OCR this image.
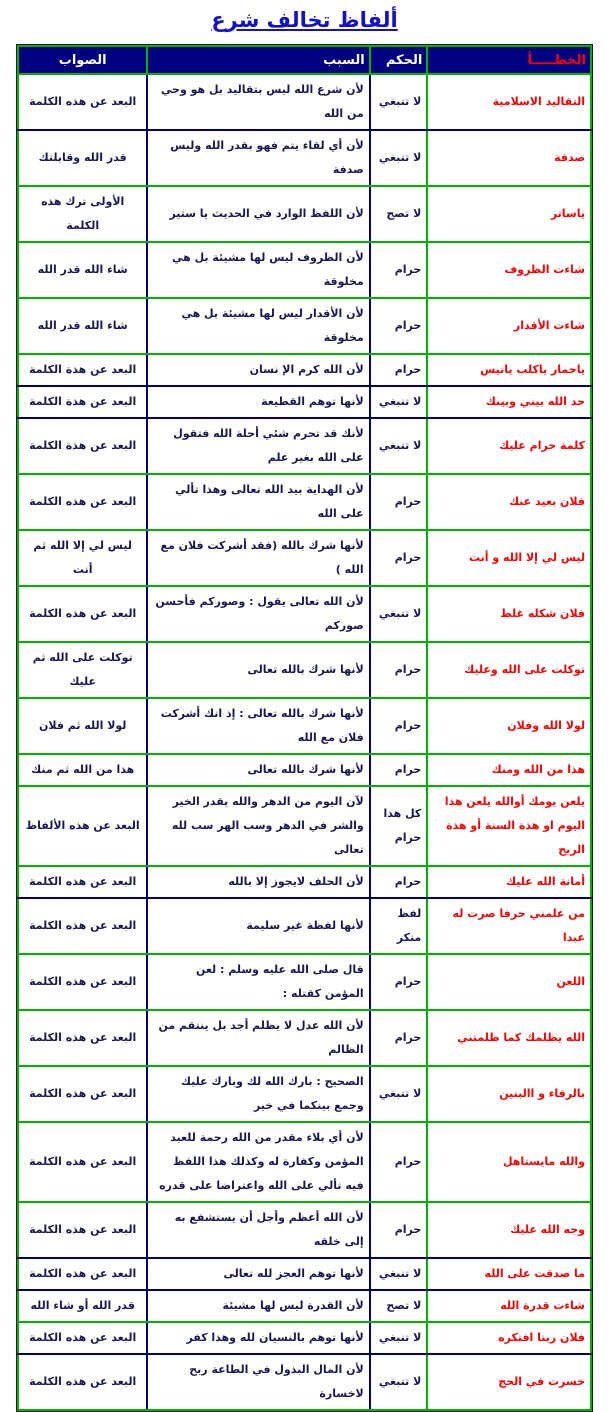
ألفاظ تخالف شرع
الخطـــــأ	الحكم	السبب	الصواب
التقاليد الاسلامية	لا تنبغي	لأن شرع الله ليس بتقاليد بل هو وحي من الله	البعد عن هذه الكلمة
صدفة	لا تنبغي	لأن أي لقاء يتم فهو بقدر الله وليس صدفة	قدر الله وقابلتك
ياساتر	لا تصح	لأن اللفظ الوارد في الحديث يا ستير	الأولى ترك هذه الكلمة
شاءت الظروف	حرام	لأن الظروف ليس لها مشيئة بل هي مخلوقة	شاء الله قدر الله
شاءت الأقدار	حرام	لأن الأقدار ليس لها مشيئة بل هي مخلوقة	شاء الله قدر الله
ياحمار ياكلب ياتيس	حرام	لأن الله كرم الإ نسان	البعد عن هذة الكلمة
حد الله بيني وبينك	لا تنبغي	لأنها توهم القطيعة	البعد عن هذة الكلمة
كلمة حرام عليك	لا تنبغي	لأنك قد تحرم شئي أحلة الله فتقول على الله بغير علم	البعد عن هذة الكلمة
فلان بعيد عنك	حرام	لأن الهداية بيد الله تعالى وهذا تألي على الله	البعد عن هذه الكلمة
ليس لي إلا الله و أنت	حرام	لأنها شرك بالله (فقد أشركت فلان مع الله )	ليس لي إلا الله ثم أنت
فلان شكله غلط	لا تنبغي	لأن الله تعالى يقول : وصوركم فأحسن صوركم	البعد عن هذه الكلمة
توكلت على الله وعليك	حرام	لأنها شرك بالله تعالى	توكلت على الله ثم عليك
لولا الله وفلان	حرام	لأنها شرك بالله تعالى : إذ انك أشركت فلان مع الله	لولا الله ثم فلان
هذا من الله ومنك	حرام	لأنها شرك بالله تعالى	هذا من الله ثم منك
يلعن يومك أوالله يلعن هذا اليوم او هذة السنة أو هذة الريح	كل هذا حرام	لآن اليوم من الدهر والله يقدر الخير والشر في الدهر وسب الهر سب لله تعالى	البعد عن هذه الألفاظ
أمانة الله عليك	حرام	لأن الحلف لايجوز إلا بالله	البعد عن هذه الكلمة
من علمني حرفا صرت له عبدا	لفظ منكر	لأنها لفظة غير سليمة	البعد عن هذه الكلمة
اللعن	حرام	قال صلى الله عليه وسلم : لعن المؤمن كقتله :	البعد عن هذه الكلمة
الله يظلمك كما ظلمتني	حرام	لأن الله عدل لا يظلم أجد بل ينتقم من الظالم	البعد عن هذه الكلمة
بالرفاء و االبنين	لا تنبغي	الصحيح : بارك الله لك وبارك عليك وجمع بينكما في خير	البعد عن هذه الكلمة
والله مايستاهل	حرام	لأن أي بلاء مقدر من الله رحمة للعبد المؤمن وكفارة له وكذلك هذا اللفظ فيه تألي على الله واعتراضا على قدره	البعد عن هذه الكلمة
وجه الله عليك	حرام	لأن الله أعظم وأجل أن يستشفع به إلى خلقه	البعد عن هذه الكلمة
ما صدقت على الله	لا تنبغي	لأنها توهم العجز لله تعالى	البعد عن هذه الكلمة
شاءت قدرة الله	لا تصح	لأن القدرة ليس لها مشيئة	قدر الله أو شاء الله
فلان ربنا افتكره	لا تنبغي	لأنها توهم بالنسيان لله وهذا كفر	البعد عن هذه الكلمة
خسرت في الحج	لا تنبغي	لأن المال البذول في الطاعة ربح لاخسارة	البعد عن هذه الكلمة
